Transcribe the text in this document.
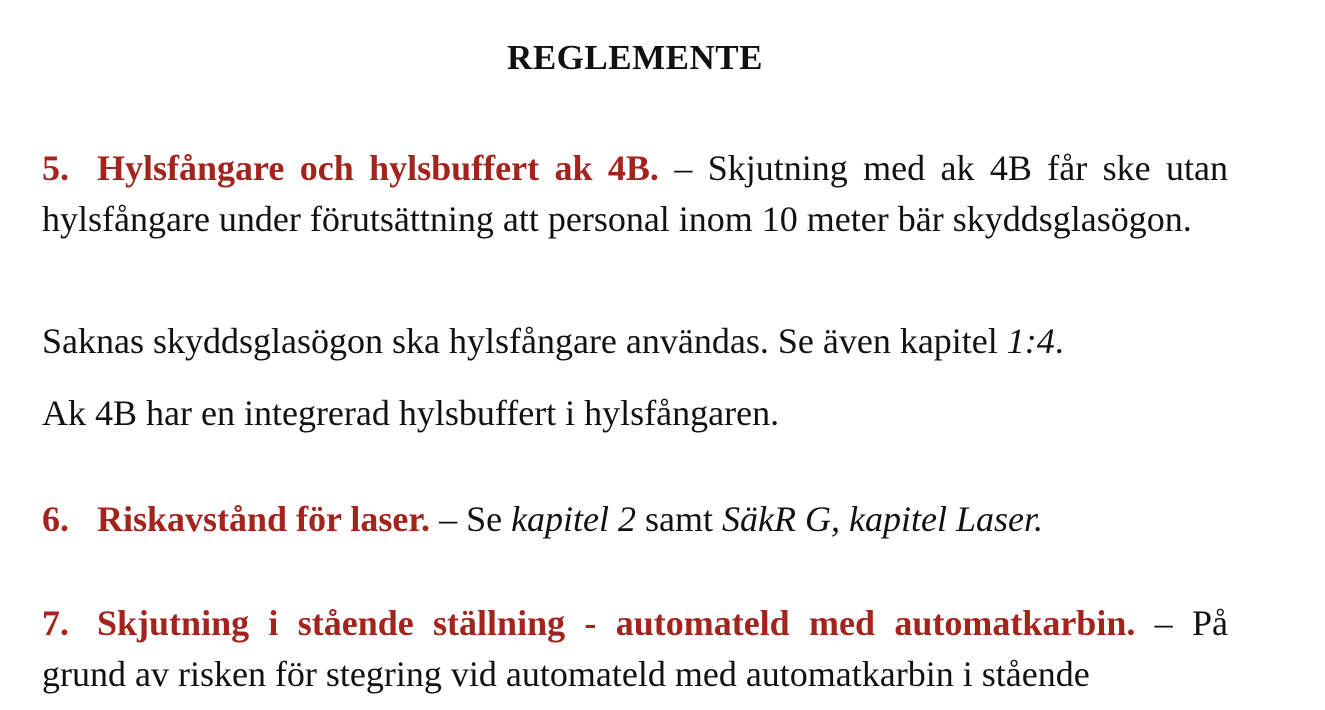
REGLEMENTE

5. Hylsfångare och hylsbuffert ak 4B. – Skjutning med ak 4B får ske utan hylsfångare under förutsättning att personal inom 10 meter bär skyddsglasögon.

Saknas skyddsglasögon ska hylsfångare användas. Se även kapitel 1:4.

Ak 4B har en integrerad hylsbuffert i hylsfångaren.

6. Riskavstånd för laser. – Se kapitel 2 samt SäkR G, kapitel Laser.

7. Skjutning i stående ställning - automateld med automatkarbin. – På grund av risken för stegring vid automateld med automatkarbin i stående
